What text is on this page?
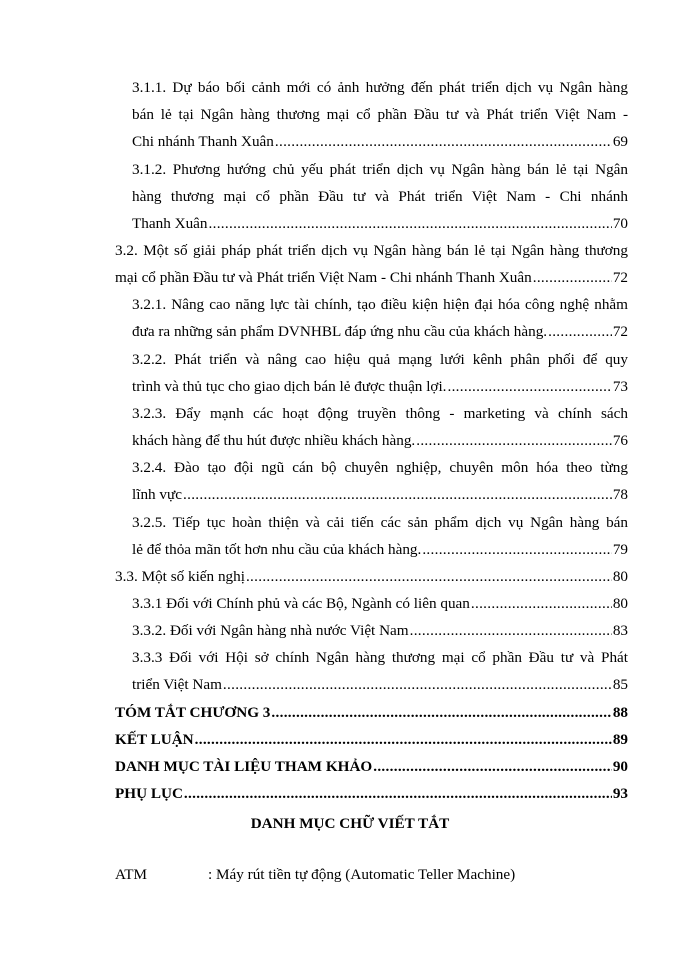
3.1.1. Dự báo bối cảnh mới có ảnh hưởng đến phát triển dịch vụ Ngân hàng
bán lẻ tại Ngân hàng thương mại cổ phần Đầu tư và Phát triển Việt Nam -
Chi nhánh Thanh Xuân .....	69
3.1.2. Phương hướng chủ yếu phát triển dịch vụ Ngân hàng bán lẻ tại Ngân
hàng thương mại cổ phần Đầu tư và Phát triển Việt Nam - Chi nhánh
Thanh Xuân .....	70
3.2. Một số giải pháp phát triển dịch vụ Ngân hàng bán lẻ tại Ngân hàng thương
mại cổ phần Đầu tư và Phát triển Việt Nam - Chi nhánh Thanh Xuân .....	72
3.2.1. Nâng cao năng lực tài chính, tạo điều kiện hiện đại hóa công nghệ nhằm
đưa ra những sản phẩm DVNHBL đáp ứng nhu cầu của khách hàng. .....	72
3.2.2. Phát triển và nâng cao hiệu quả mạng lưới kênh phân phối để quy
trình và thủ tục cho giao dịch bán lẻ được thuận lợi. .....	73
3.2.3. Đẩy mạnh các hoạt động truyền thông - marketing và chính sách
khách hàng để thu hút được nhiều khách hàng. .....	76
3.2.4. Đào tạo đội ngũ cán bộ chuyên nghiệp, chuyên môn hóa theo từng
lĩnh vực .....	78
3.2.5. Tiếp tục hoàn thiện và cải tiến các sản phẩm dịch vụ Ngân hàng bán
lẻ để thỏa mãn tốt hơn nhu cầu của khách hàng. .....	79
3.3. Một số kiến nghị .....	80
3.3.1 Đối với Chính phủ và các Bộ, Ngành có liên quan .....	80
3.3.2. Đối với Ngân hàng nhà nước Việt Nam .....	83
3.3.3 Đối với Hội sở chính Ngân hàng thương mại cổ phần Đầu tư và Phát
triển Việt Nam .....	85
TÓM TẮT CHƯƠNG 3 .....	88
KẾT LUẬN .....	89
DANH MỤC TÀI LIỆU THAM KHẢO .....	90
PHỤ LỤC .....	93
DANH MỤC CHỮ VIẾT TẮT
ATM	: Máy rút tiền tự động (Automatic Teller Machine)
